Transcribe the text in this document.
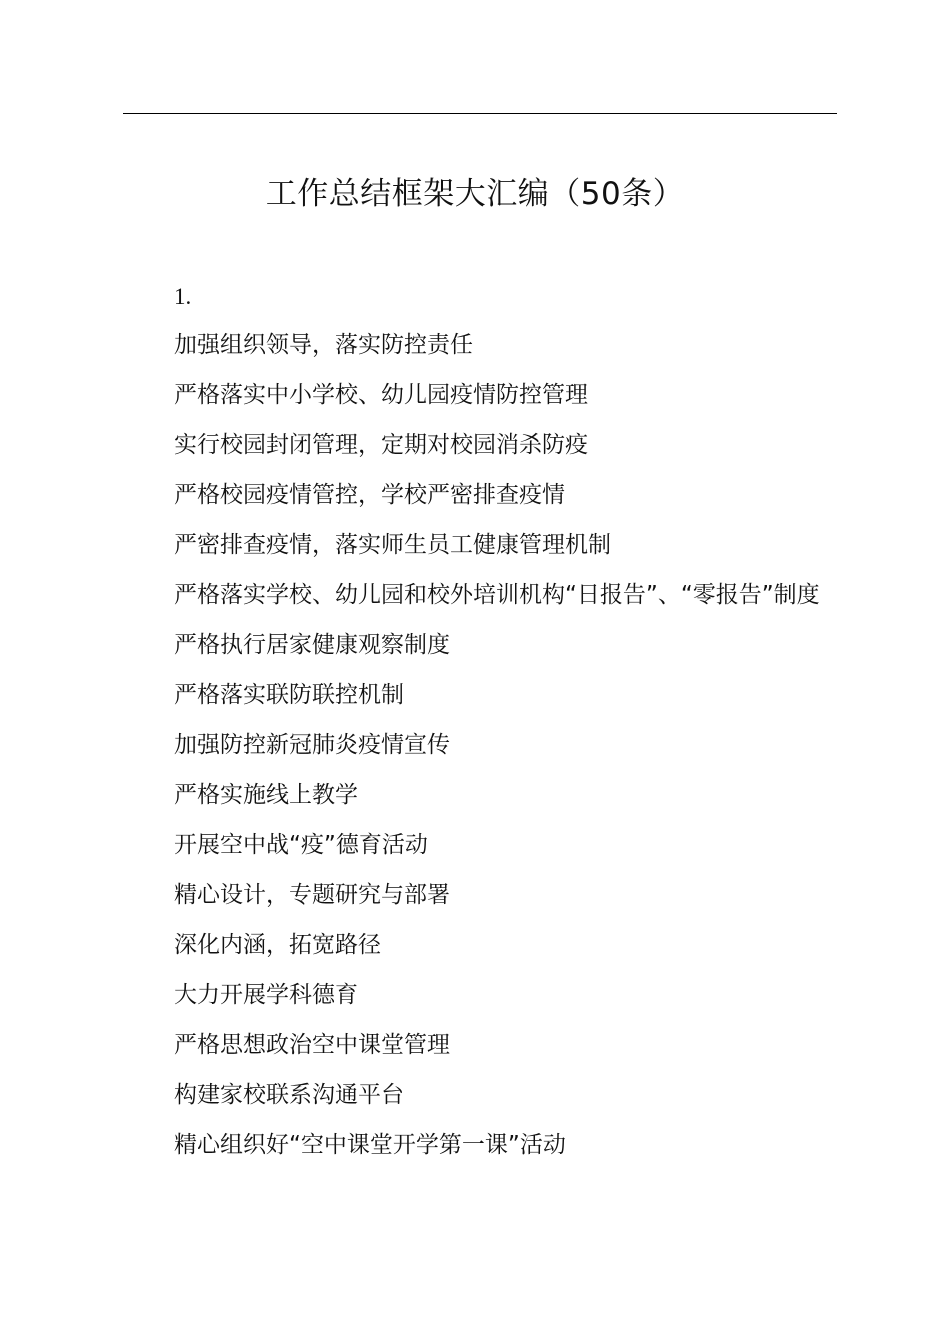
工作总结框架大汇编（50条）

1.

加强组织领导，落实防控责任
严格落实中小学校、幼儿园疫情防控管理
实行校园封闭管理，定期对校园消杀防疫
严格校园疫情管控，学校严密排查疫情
严密排查疫情，落实师生员工健康管理机制
严格落实学校、幼儿园和校外培训机构“日报告”、“零报告”制度
严格执行居家健康观察制度
严格落实联防联控机制
加强防控新冠肺炎疫情宣传
严格实施线上教学
开展空中战“疫”德育活动
精心设计，专题研究与部署
深化内涵，拓宽路径
大力开展学科德育
严格思想政治空中课堂管理
构建家校联系沟通平台
精心组织好“空中课堂开学第一课”活动
